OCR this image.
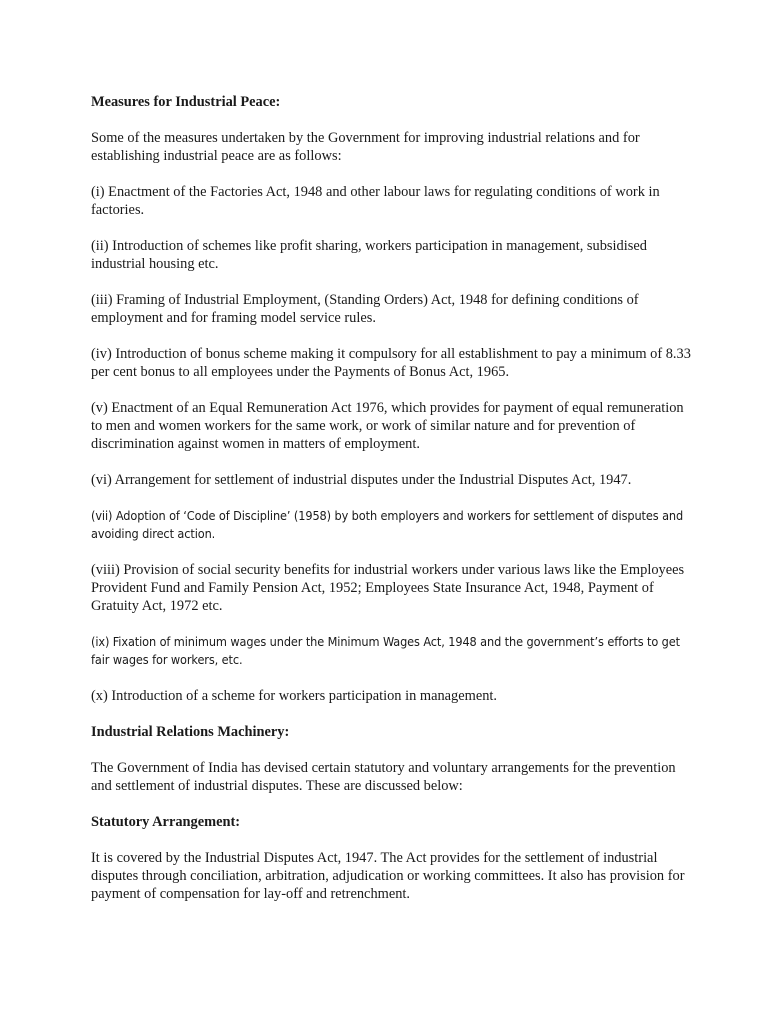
Measures for Industrial Peace:

Some of the measures undertaken by the Government for improving industrial relations and for establishing industrial peace are as follows:

(i) Enactment of the Factories Act, 1948 and other labour laws for regulating conditions of work in factories.

(ii) Introduction of schemes like profit sharing, workers participation in management, subsidised industrial housing etc.

(iii) Framing of Industrial Employment, (Standing Orders) Act, 1948 for defining conditions of employment and for framing model service rules.

(iv) Introduction of bonus scheme making it compulsory for all establishment to pay a minimum of 8.33 per cent bonus to all employees under the Payments of Bonus Act, 1965.

(v) Enactment of an Equal Remuneration Act 1976, which provides for payment of equal remuneration to men and women workers for the same work, or work of similar nature and for prevention of discrimination against women in matters of employment.

(vi) Arrangement for settlement of industrial disputes under the Industrial Disputes Act, 1947.

(vii) Adoption of ‘Code of Discipline’ (1958) by both employers and workers for settlement of disputes and avoiding direct action.

(viii) Provision of social security benefits for industrial workers under various laws like the Employees Provident Fund and Family Pension Act, 1952; Employees State Insurance Act, 1948, Payment of Gratuity Act, 1972 etc.

(ix) Fixation of minimum wages under the Minimum Wages Act, 1948 and the government’s efforts to get fair wages for workers, etc.

(x) Introduction of a scheme for workers participation in management.

Industrial Relations Machinery:

The Government of India has devised certain statutory and voluntary arrangements for the prevention and settlement of industrial disputes. These are discussed below:

Statutory Arrangement:

It is covered by the Industrial Disputes Act, 1947. The Act provides for the settlement of industrial disputes through conciliation, arbitration, adjudication or working committees. It also has provision for payment of compensation for lay-off and retrenchment.
